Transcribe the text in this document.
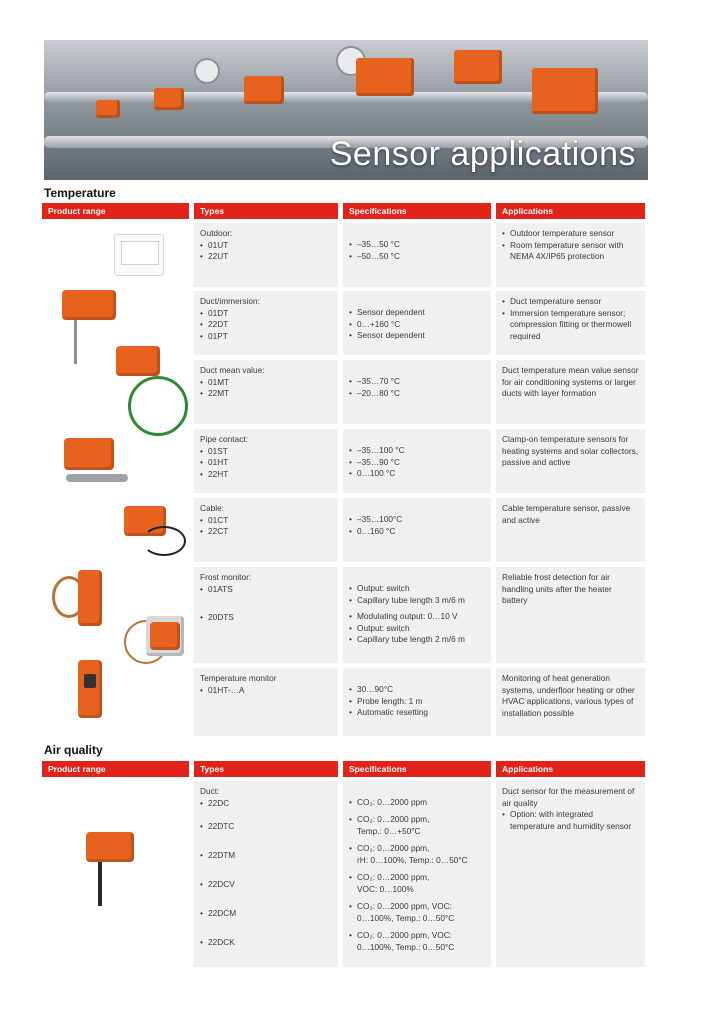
Sensor applications
Temperature
Product range	Types	Specifications	Applications
Outdoor:
• 01UT
• 22UT
• –35…50 °C
• –50…50 °C
• Outdoor temperature sensor
• Room temperature sensor with NEMA 4X/IP65 protection
Duct/immersion:
• 01DT
• 22DT
• 01PT
• Sensor dependent
• 0…+160 °C
• Sensor dependent
• Duct temperature sensor
• Immersion temperature sensor; compression fitting or thermowell required
Duct mean value:
• 01MT
• 22MT
• –35…70 °C
• –20…80 °C
Duct temperature mean value sensor for air conditioning systems or larger ducts with layer formation
Pipe contact:
• 01ST
• 01HT
• 22HT
• –35…100 °C
• –35…90 °C
• 0…100 °C
Clamp-on temperature sensors for heating systems and solar collectors, passive and active
Cable:
• 01CT
• 22CT
• –35…100°C
• 0…160 °C
Cable temperature sensor, passive and active
Frost monitor:
• 01ATS
• 20DTS
• Output: switch
• Capillary tube length 3 m/6 m
• Modulating output: 0…10 V
• Output: switch
• Capillary tube length 2 m/6 m
Reliable frost detection for air handling units after the heater battery
Temperature monitor
• 01HT-…A
•	30…90°C
• Probe length: 1 m
• Automatic resetting
Monitoring of heat generation systems, underfloor heating or other HVAC applications, various types of installation possible
Air quality
Product range	Types	Specifications	Applications
Duct:
• 22DC
• 22DTC
• 22DTM
• 22DCV
• 22DCM
• 22DCK
• CO₂: 0…2000 ppm
• CO₂: 0…2000 ppm,
Temp.: 0…+50°C
• CO₂: 0…2000 ppm,
rH: 0…100%, Temp.: 0…50°C
• CO₂: 0…2000 ppm,
VOC: 0…100%
• CO₂: 0…2000 ppm, VOC:
0…100%, Temp.: 0…50°C
• CO₂: 0…2000 ppm, VOC:
0…100%, Temp.: 0…50°C
Duct sensor for the measurement of air quality
• Option: with integrated temperature and humidity sensor
